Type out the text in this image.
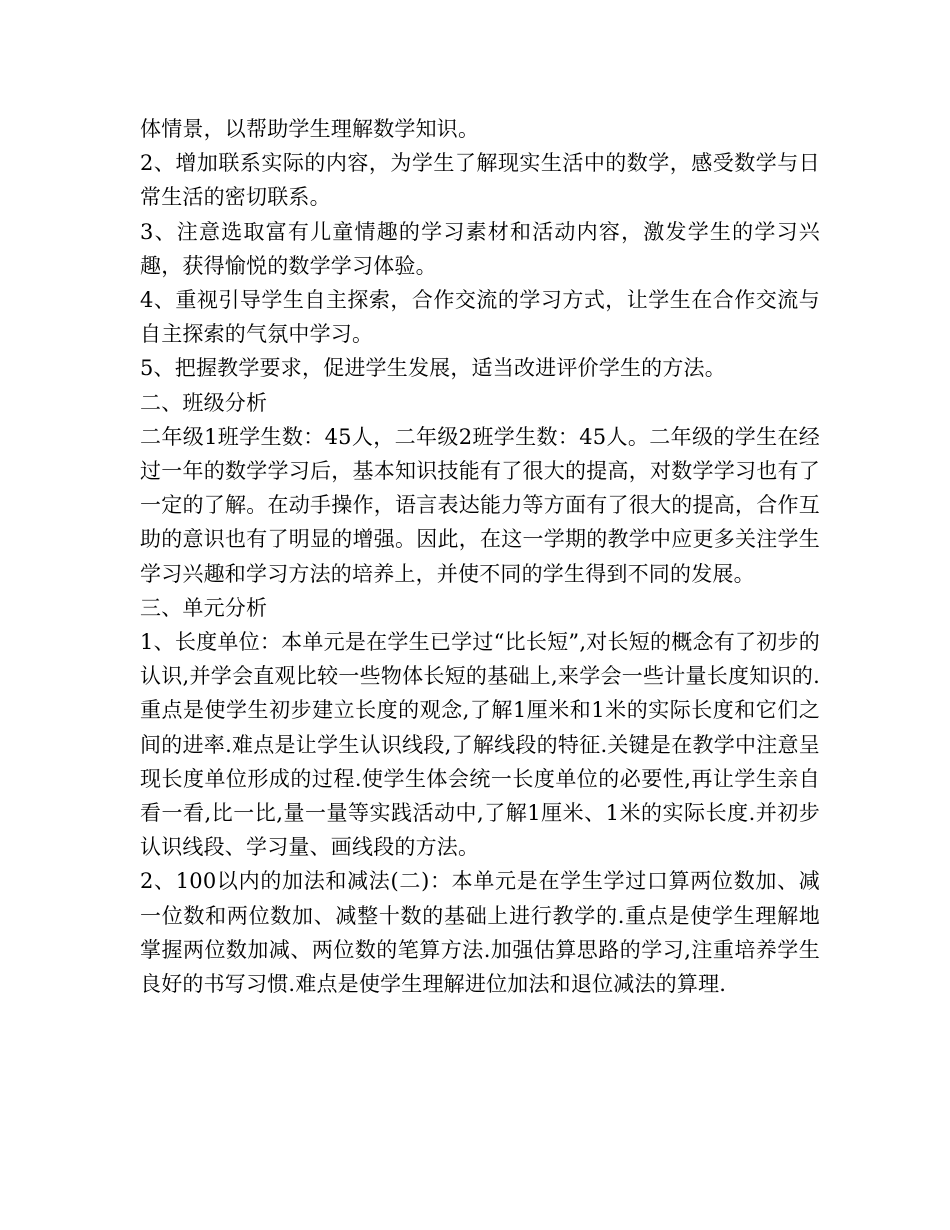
体情景，以帮助学生理解数学知识。

2、增加联系实际的内容，为学生了解现实生活中的数学，感受数学与日常生活的密切联系。

3、注意选取富有儿童情趣的学习素材和活动内容，激发学生的学习兴趣，获得愉悦的数学学习体验。

4、重视引导学生自主探索，合作交流的学习方式，让学生在合作交流与自主探索的气氛中学习。

5、把握教学要求，促进学生发展，适当改进评价学生的方法。

二、班级分析

二年级1班学生数：45人，二年级2班学生数：45人。二年级的学生在经过一年的数学学习后，基本知识技能有了很大的提高，对数学学习也有了一定的了解。在动手操作，语言表达能力等方面有了很大的提高，合作互助的意识也有了明显的增强。因此，在这一学期的教学中应更多关注学生学习兴趣和学习方法的培养上，并使不同的学生得到不同的发展。

三、单元分析

1、长度单位：本单元是在学生已学过“比长短”,对长短的概念有了初步的认识,并学会直观比较一些物体长短的基础上,来学会一些计量长度知识的.重点是使学生初步建立长度的观念,了解1厘米和1米的实际长度和它们之间的进率.难点是让学生认识线段,了解线段的特征.关键是在教学中注意呈现长度单位形成的过程.使学生体会统一长度单位的必要性,再让学生亲自看一看,比一比,量一量等实践活动中,了解1厘米、1米的实际长度.并初步认识线段、学习量、画线段的方法。

2、100以内的加法和减法(二)：本单元是在学生学过口算两位数加、减一位数和两位数加、减整十数的基础上进行教学的.重点是使学生理解地掌握两位数加减、两位数的笔算方法.加强估算思路的学习,注重培养学生良好的书写习惯.难点是使学生理解进位加法和退位减法的算理.
